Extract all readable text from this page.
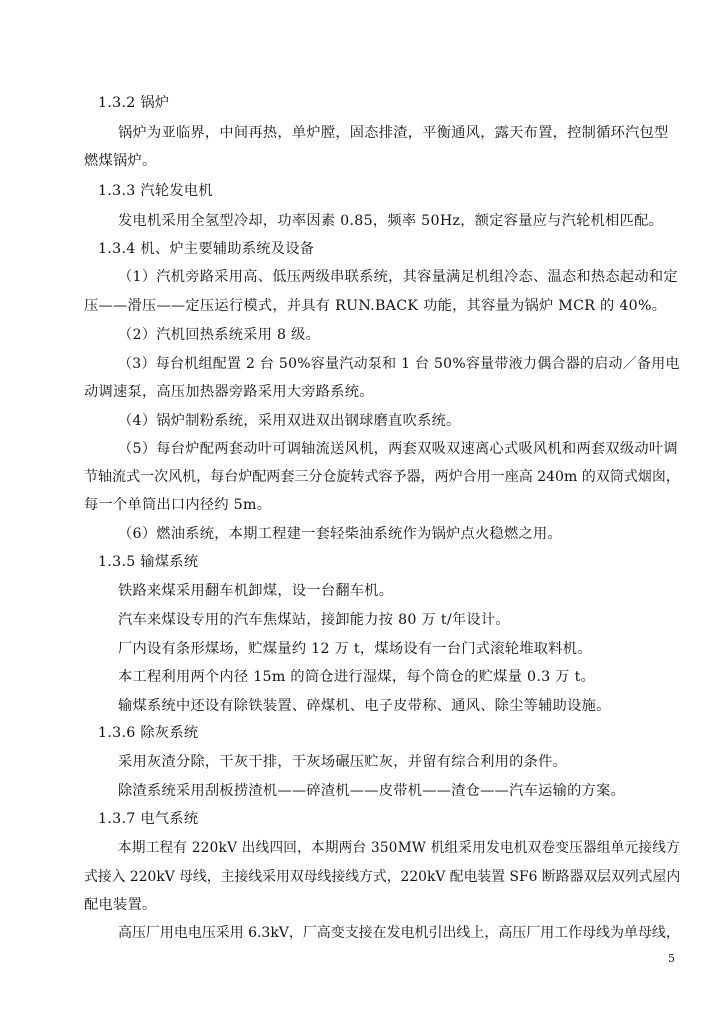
1.3.2 锅炉
锅炉为亚临界，中间再热，单炉膛，固态排渣，平衡通风，露天布置，控制循环汽包型
燃煤锅炉。
1.3.3 汽轮发电机
发电机采用全氢型冷却，功率因素 0.85，频率 50Hz，额定容量应与汽轮机相匹配。
1.3.4 机、炉主要辅助系统及设备
（1）汽机旁路采用高、低压两级串联系统，其容量满足机组冷态、温态和热态起动和定
压——滑压——定压运行模式，并具有 RUN.BACK 功能，其容量为锅炉 MCR 的 40%。
（2）汽机回热系统采用 8 级。
（3）每台机组配置 2 台 50%容量汽动泵和 1 台 50%容量带液力偶合器的启动／备用电
动调速泵，高压加热器旁路采用大旁路系统。
（4）锅炉制粉系统，采用双进双出钢球磨直吹系统。
（5）每台炉配两套动叶可调轴流送风机，两套双吸双速离心式吸风机和两套双级动叶调
节轴流式一次风机，每台炉配两套三分仓旋转式容予器，两炉合用一座高 240m 的双筒式烟囱，
每一个单筒出口内径约 5m。
（6）燃油系统，本期工程建一套轻柴油系统作为锅炉点火稳燃之用。
1.3.5 输煤系统
铁路来煤采用翻车机卸煤，设一台翻车机。
汽车来煤设专用的汽车焦煤站，接卸能力按 80 万 t/年设计。
厂内设有条形煤场，贮煤量约 12 万 t，煤场设有一台门式滚轮堆取料机。
本工程利用两个内径 15m 的筒仓进行湿煤，每个筒仓的贮煤量 0.3 万 t。
输煤系统中还设有除铁装置、碎煤机、电子皮带称、通风、除尘等辅助设施。
1.3.6 除灰系统
采用灰渣分除，干灰干排，干灰场碾压贮灰，并留有综合利用的条件。
除渣系统采用刮板捞渣机——碎渣机——皮带机——渣仓——汽车运输的方案。
1.3.7 电气系统
本期工程有 220kV 出线四回，本期两台 350MW 机组采用发电机双卷变压器组单元接线方
式接入 220kV 母线，主接线采用双母线接线方式，220kV 配电装置 SF6 断路器双层双列式屋内
配电装置。
高压厂用电电压采用 6.3kV，厂高变支接在发电机引出线上，高压厂用工作母线为单母线，
5
